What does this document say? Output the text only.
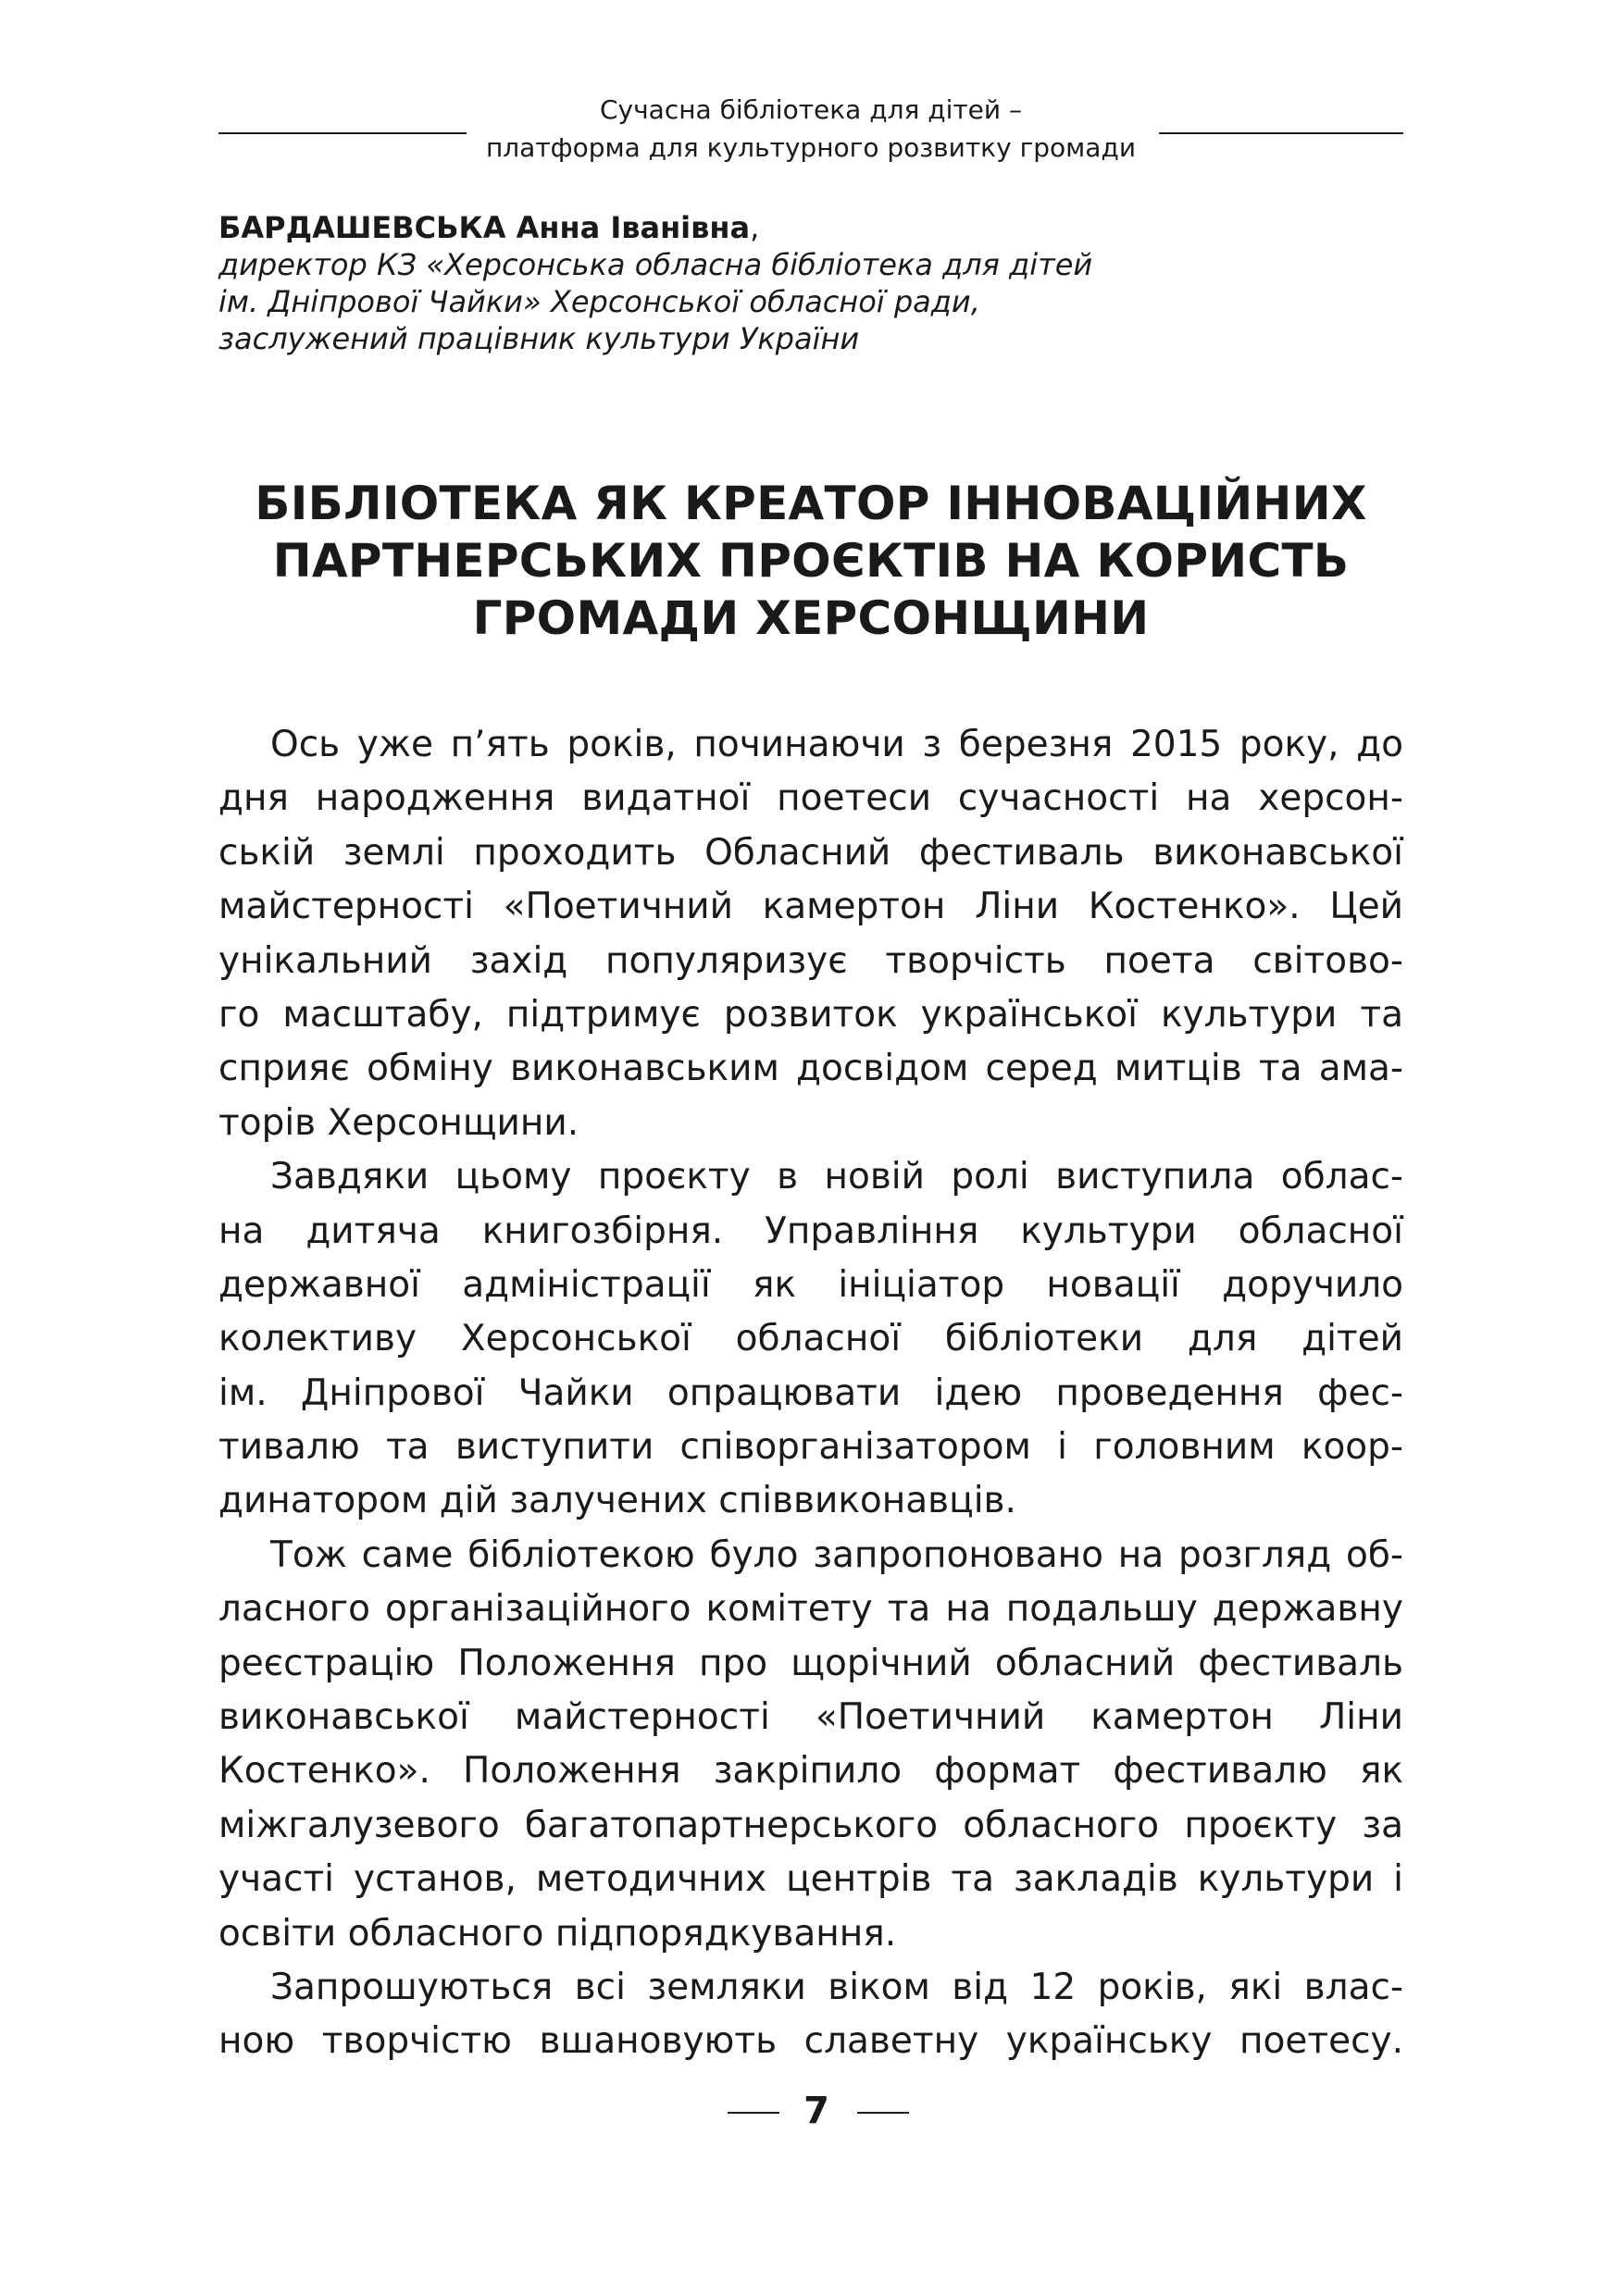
Сучасна бібліотека для дітей –
платформа для культурного розвитку громади
БАРДАШЕВСЬКА Анна Іванівна,
директор КЗ «Херсонська обласна бібліотека для дітей
ім. Дніпрової Чайки» Херсонської обласної ради,
заслужений працівник культури України
БІБЛІОТЕКА ЯК КРЕАТОР ІННОВАЦІЙНИХ
ПАРТНЕРСЬКИХ ПРОЄКТІВ НА КОРИСТЬ
ГРОМАДИ ХЕРСОНЩИНИ
Ось уже п’ять років, починаючи з березня 2015 року, до
дня народження видатної поетеси сучасності на херсон-
ській землі проходить Обласний фестиваль виконавської
майстерності «Поетичний камертон Ліни Костенко». Цей
унікальний захід популяризує творчість поета світово-
го масштабу, підтримує розвиток української культури та
сприяє обміну виконавським досвідом серед митців та ама-
торів Херсонщини.
Завдяки цьому проєкту в новій ролі виступила облас-
на дитяча книгозбірня. Управління культури обласної
державної адміністрації як ініціатор новації доручило
колективу Херсонської обласної бібліотеки для дітей
ім. Дніпрової Чайки опрацювати ідею проведення фес-
тивалю та виступити співорганізатором і головним коор-
динатором дій залучених співвиконавців.
Тож саме бібліотекою було запропоновано на розгляд об-
ласного організаційного комітету та на подальшу державну
реєстрацію Положення про щорічний обласний фестиваль
виконавської майстерності «Поетичний камертон Ліни
Костенко». Положення закріпило формат фестивалю як
міжгалузевого багатопартнерського обласного проєкту за
участі установ, методичних центрів та закладів культури і
освіти обласного підпорядкування.
Запрошуються всі земляки віком від 12 років, які влас-
ною творчістю вшановують славетну українську поетесу.
7
